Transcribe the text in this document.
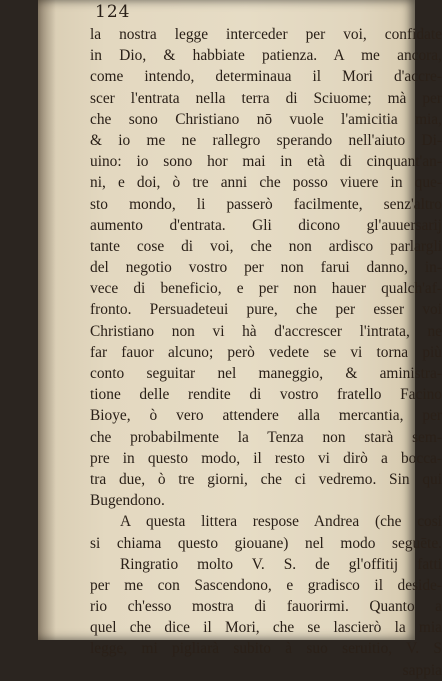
124
la nostra legge interceder per voi, confidate
in Dio, & habbiate patienza. A me ancora,
come intendo, determinaua il Mori d'accre-
scer l'entrata nella terra di Sciuome; mà per
che sono Christiano nō vuole l'amicitia mia,
& io me ne rallegro sperando nell'aiuto Di-
uino: io sono hor mai in età di cinquant'an-
ni, e doi, ò tre anni che posso viuere in que-
sto mondo, li passerò facilmente, senz'altro
aumento d'entrata. Gli dicono gl'auuersarij
tante cose di voi, che non ardisco parlargli
del negotio vostro per non farui danno, in-
vece di beneficio, e per non hauer qualch'af-
fronto. Persuadeteui pure, che per esser voi
Christiano non vi hà d'accrescer l'intrata, ne
far fauor alcuno; però vedete se vi torna più
conto seguitar nel maneggio, & aministra-
tione delle rendite di vostro fratello Facino
Bioye, ò vero attendere alla mercantia, per
che probabilmente la Tenza non starà sem-
pre in questo modo, il resto vi dirò a bocca-
tra due, ò tre giorni, che ci vedremo. Sin qui
Bugendono.
A questa littera respose Andrea (che cosi
si chiama questo giouane) nel modo seguēte.
Ringratio molto V. S. de gl'offitij fatti
per me con Sascendono, e gradisco il deside-
rio ch'esso mostra di fauorirmi. Quanto a
quel che dice il Mori, che se lascierò la mia
legge, mi pigliarà subito à suo seruitio, V. S
sappia
